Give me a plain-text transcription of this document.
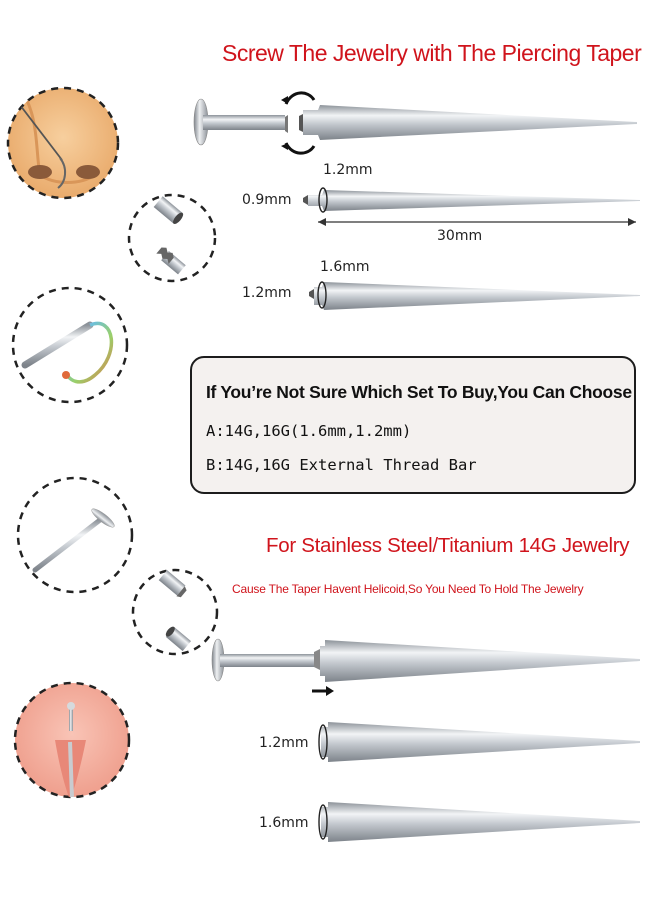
Screw The Jewelry with The Piercing Taper
For Stainless Steel/Titanium 14G Jewelry
Cause The Taper Havent Helicoid,So You Need To Hold The Jewelry
1.2mm
0.9mm
30mm
1.6mm
1.2mm
1.2mm
1.6mm
If You’re Not Sure Which Set To Buy,You Can Choose
A:14G,16G(1.6mm,1.2mm)
B:14G,16G External Thread Bar
